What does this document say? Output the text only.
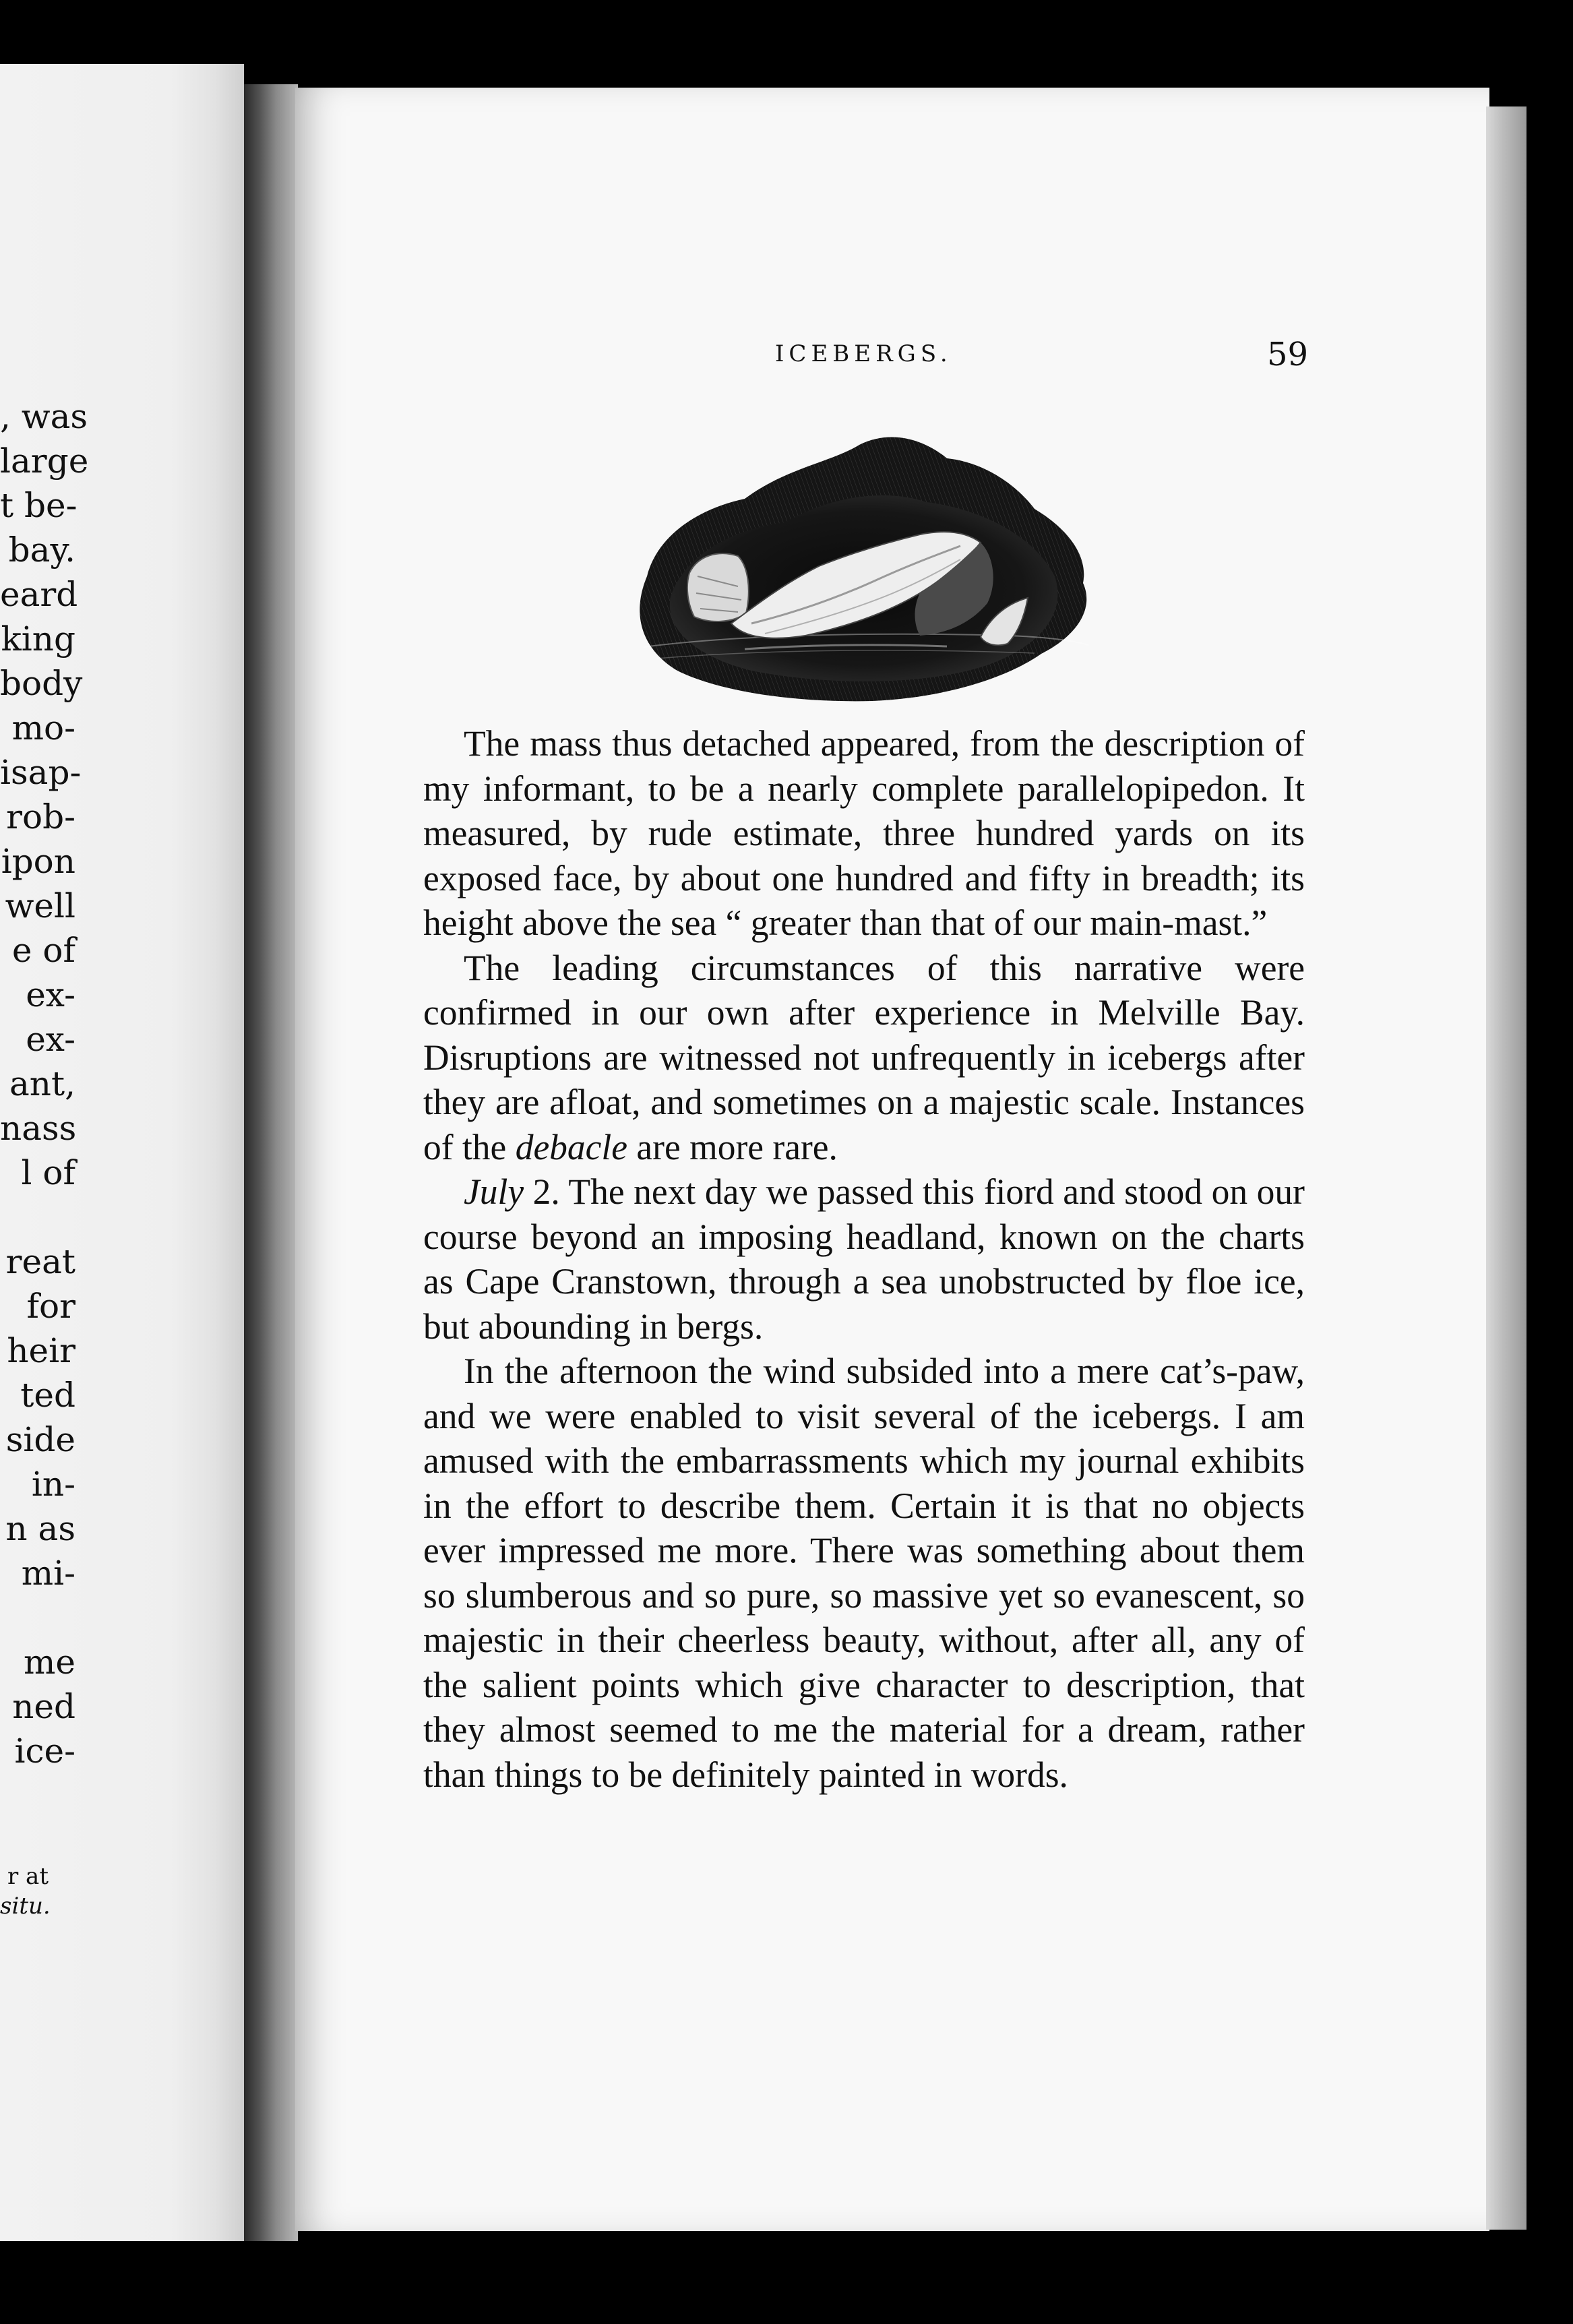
, was
large
t be-
bay.
eard
king
body
mo-
isap-
rob-
ipon
well
e of
ex-
ex-
ant,
nass
l of
reat
for
heir
ted
side
in-
n as
mi-
me
ned
ice-
r at
situ.
ICEBERGS.	59

The mass thus detached appeared, from the description of my informant, to be a nearly complete parallelopipedon. It measured, by rude estimate, three hundred yards on its exposed face, by about one hundred and fifty in breadth; its height above the sea “ greater than that of our main-mast.”

The leading circumstances of this narrative were confirmed in our own after experience in Melville Bay. Disruptions are witnessed not unfrequently in icebergs after they are afloat, and sometimes on a majestic scale. Instances of the debacle are more rare.

July 2. The next day we passed this fiord and stood on our course beyond an imposing headland, known on the charts as Cape Cranstown, through a sea unobstructed by floe ice, but abounding in bergs.

In the afternoon the wind subsided into a mere cat’s-paw, and we were enabled to visit several of the icebergs. I am amused with the embarrassments which my journal exhibits in the effort to describe them. Certain it is that no objects ever impressed me more. There was something about them so slumberous and so pure, so massive yet so evanescent, so majestic in their cheerless beauty, without, after all, any of the salient points which give character to description, that they almost seemed to me the material for a dream, rather than things to be definitely painted in words.
